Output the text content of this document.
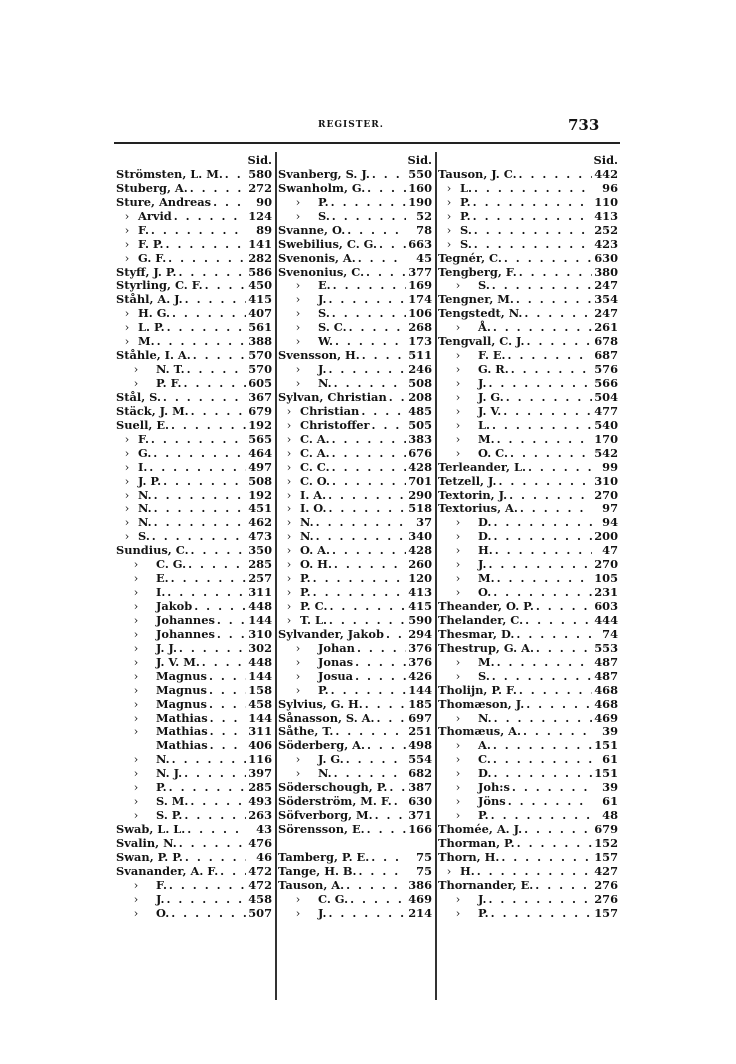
REGISTER.	733
Sid.
Strömsten, L. M. . . . 580
Stuberg, A. . . .	272
Sture, Andreas . . .	90
› Arvid . . .	124
› F. . . .	89
› F. P. . . .	141
› G. F. . . .	282
Styff, J. P. . . .	586
Styrling, C. F. . . .	450
Ståhl, A. J. . . .	415
› H. G. . . .	407
› L. P. . . .	561
› M. . . .	388
Ståhle, I. A. . . .	570
› N. T. . . .	570
› P. F. . . .	605
Stål, S. . . .	367
Stäck, J. M. . . .	679
Suell, E. . . .	192
› F. . . .	565
› G. . . .	464
› I. . . .	497
› J. P. . . .	508
› N. . . .	192
› N. . . .	451
› N. . . .	462
› S. . . .	473
Sundius, C. . . .	350
› C. G. . . .	285
› E. . . .	257
› I. . . .	311
› Jakob . . .	448
› Johannes . . .	144
› Johannes . . .	310
› J. J. . . .	302
› J. V. M. . . .	448
› Magnus . . .	144
› Magnus . . .	158
› Magnus . . .	458
› Mathias . . .	144
› Mathias . . .	311
Mathias . . .	406
› N. . . .	116
› N. J. . . .	397
› P. . . .	285
› S. M. . . .	493
› S. P. . . .	263
Swab, L. L. . . .	43
Svalin, N. . . .	476
Swan, P. P. . . .	46
Svanander, A. F. . . .	472
› F. . . .	472
› J. . . .	458
› O. . . .	507
Sid.
Svanberg, S. J. . . .	550
Swanholm, G. . . .	160
› P. . . .	190
› S. . . .	52
Svanne, O. . . .	78
Swebilius, C. G. . . .	663
Svenonis, A. . . .	45
Svenonius, C. . . .	377
› E. . . .	169
› J. . . .	174
› S. . . .	106
› S. C. . . .	268
› W. . . .	173
Svensson, H. . . .	511
› J. . . .	246
› N. . . .	508
Sylvan, Christian . . . 208
› Christian . . .	485
› Christoffer . . .	505
› C. A. . . .	383
› C. A. . . .	676
› C. C. . . .	428
› C. O. . . .	701
› I. A. . . .	290
› I. O. . . .	518
› N. . . .	37
› N. . . .	340
› O. A. . . .	428
› O. H. . . .	260
› P. . . .	120
› P. . . .	413
› P. C. . . .	415
› T. L. . . .	590
Sylvander, Jakob . . . 294
› Johan . . .	376
› Jonas . . .	376
› Josua . . .	426
› P. . . .	144
Sylvius, G. H. . . .	185
Sånasson, S. A. . . .	697
Såthe, T. . . .	251
Söderberg, A. . . .	498
› J. G. . . .	554
› N. . . .	682
Söderschough, P. . . . 387
Söderström, M. F. . . . 630
Söfverborg, M. . . .	371
Sörensson, E. . . .	166
Tamberg, P. E. . . .	75
Tange, H. B. . . .	75
Tauson, A. . . .	386
› C. G. . . .	469
› J. . . .	214
Sid.
Tauson, J. C. . . .	442
› L. . . .	96
› P. . . .	110
› P. . . .	413
› S. . . .	252
› S. . . .	423
Tegnér, C. . . .	630
Tengberg, F. . . .	380
› S. . . .	247
Tengner, M. . . .	354
Tengstedt, N. . . .	247
› Å. . . .	261
Tengvall, C. J. . . .	678
› F. E. . . .	687
› G. R. . . .	576
› J. . . .	566
› J. G. . . .	504
› J. V. . . .	477
› L. . . .	540
› M. . . .	170
› O. C. . . .	542
Terleander, L. . . .	99
Tetzell, J. . . .	310
Textorin, J. . . .	270
Textorius, A. . . .	97
› D. . . .	94
› D. . . .	200
› H. . . .	47
› J. . . .	270
› M. . . .	105
› O. . . .	231
Theander, O. P. . . .	603
Thelander, C. . . .	444
Thesmar, D. . . .	74
Thestrup, G. A. . . .	553
› M. . . .	487
› S. . . .	487
Tholijn, P. F. . . .	468
Thomæson, J. . . .	468
› N. . . .	469
Thomæus, A. . . .	39
› A. . . .	151
› C. . . .	61
› D. . . .	151
› Joh:s . . .	39
› Jöns . . .	61
› P. . . .	48
Thomée, A. J. . . .	679
Thorman, P. . . .	152
Thorn, H. . . .	157
› H. . . .	427
Thornander, E. . . .	276
› J. . . .	276
› P. . . .	157
